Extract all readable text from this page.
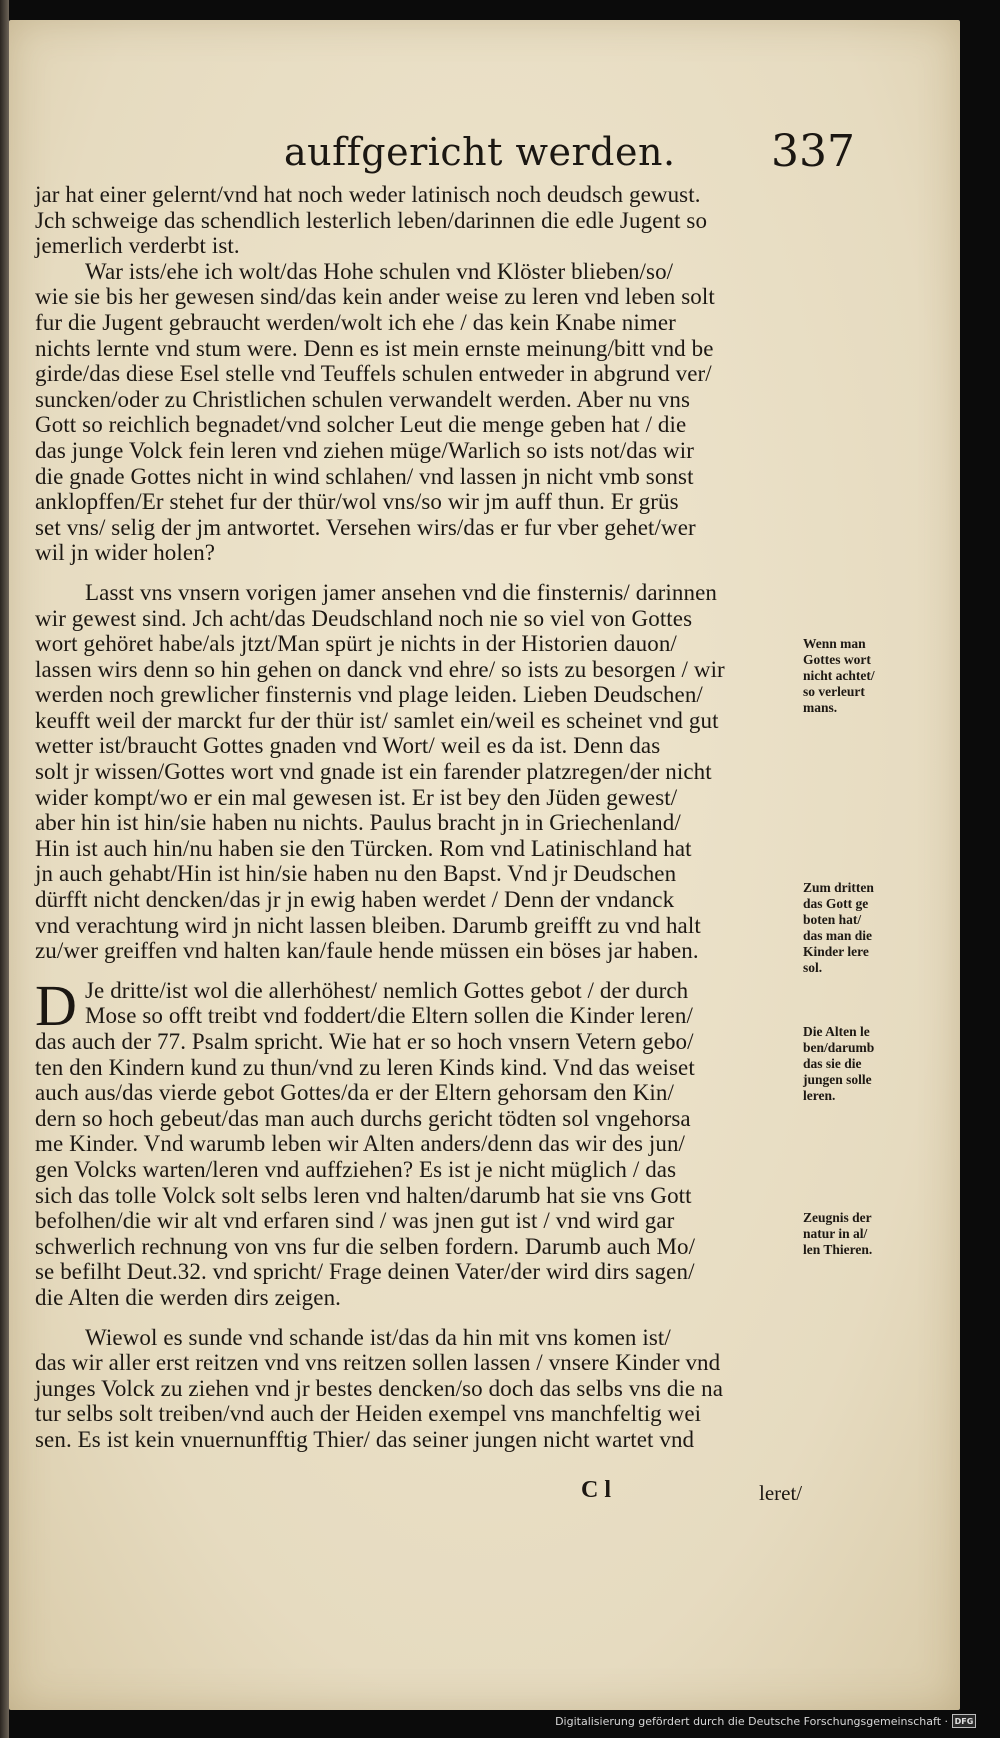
auffgericht werden. 337
jar hat einer gelernt/vnd hat noch weder latinisch noch deudsch gewust.
Jch schweige das schendlich lesterlich leben/darinnen die edle Jugent so
jemerlich verderbt ist.
War ists/ehe ich wolt/das Hohe schulen vnd Klöster blieben/so/
wie sie bis her gewesen sind/das kein ander weise zu leren vnd leben solt
fur die Jugent gebraucht werden/wolt ich ehe / das kein Knabe nimer
nichts lernte vnd stum were. Denn es ist mein ernste meinung/bitt vnd be
girde/das diese Esel stelle vnd Teuffels schulen entweder in abgrund ver/
suncken/oder zu Christlichen schulen verwandelt werden. Aber nu vns
Gott so reichlich begnadet/vnd solcher Leut die menge geben hat / die
das junge Volck fein leren vnd ziehen müge/Warlich so ists not/das wir
die gnade Gottes nicht in wind schlahen/ vnd lassen jn nicht vmb sonst
anklopffen/Er stehet fur der thür/wol vns/so wir jm auff thun. Er grüs
set vns/ selig der jm antwortet. Versehen wirs/das er fur vber gehet/wer
wil jn wider holen?
Lasst vns vnsern vorigen jamer ansehen vnd die finsternis/ darinnen
wir gewest sind. Jch acht/das Deudschland noch nie so viel von Gottes
wort gehöret habe/als jtzt/Man spürt je nichts in der Historien dauon/
lassen wirs denn so hin gehen on danck vnd ehre/ so ists zu besorgen / wir
werden noch grewlicher finsternis vnd plage leiden. Lieben Deudschen/
keufft weil der marckt fur der thür ist/ samlet ein/weil es scheinet vnd gut
wetter ist/braucht Gottes gnaden vnd Wort/ weil es da ist. Denn das
solt jr wissen/Gottes wort vnd gnade ist ein farender platzregen/der nicht
wider kompt/wo er ein mal gewesen ist. Er ist bey den Jüden gewest/
aber hin ist hin/sie haben nu nichts. Paulus bracht jn in Griechenland/
Hin ist auch hin/nu haben sie den Türcken. Rom vnd Latinischland hat
jn auch gehabt/Hin ist hin/sie haben nu den Bapst. Vnd jr Deudschen
dürfft nicht dencken/das jr jn ewig haben werdet / Denn der vndanck
vnd verachtung wird jn nicht lassen bleiben. Darumb greifft zu vnd halt
zu/wer greiffen vnd halten kan/faule hende müssen ein böses jar haben.
D Je dritte/ist wol die allerhöhest/ nemlich Gottes gebot / der durch
Mose so offt treibt vnd foddert/die Eltern sollen die Kinder leren/
das auch der 77. Psalm spricht. Wie hat er so hoch vnsern Vetern gebo/
ten den Kindern kund zu thun/vnd zu leren Kinds kind. Vnd das weiset
auch aus/das vierde gebot Gottes/da er der Eltern gehorsam den Kin/
dern so hoch gebeut/das man auch durchs gericht tödten sol vngehorsa
me Kinder. Vnd warumb leben wir Alten anders/denn das wir des jun/
gen Volcks warten/leren vnd auffziehen? Es ist je nicht müglich / das
sich das tolle Volck solt selbs leren vnd halten/darumb hat sie vns Gott
befolhen/die wir alt vnd erfaren sind / was jnen gut ist / vnd wird gar
schwerlich rechnung von vns fur die selben fordern. Darumb auch Mo/
se befilht Deut.32. vnd spricht/ Frage deinen Vater/der wird dirs sagen/
die Alten die werden dirs zeigen.
Wiewol es sunde vnd schande ist/das da hin mit vns komen ist/
das wir aller erst reitzen vnd vns reitzen sollen lassen / vnsere Kinder vnd
junges Volck zu ziehen vnd jr bestes dencken/so doch das selbs vns die na
tur selbs solt treiben/vnd auch der Heiden exempel vns manchfeltig wei
sen. Es ist kein vnuernunfftig Thier/ das seiner jungen nicht wartet vnd
Wenn man
Gottes wort
nicht achtet/
so verleurt
mans.
Zum dritten
das Gott ge
boten hat/
das man die
Kinder lere
sol.
Die Alten le
ben/darumb
das sie die
jungen solle
leren.
Zeugnis der
natur in al/
len Thieren.
C l	leret/
Digitalisierung gefördert durch die Deutsche Forschungsgemeinschaft · DFG
